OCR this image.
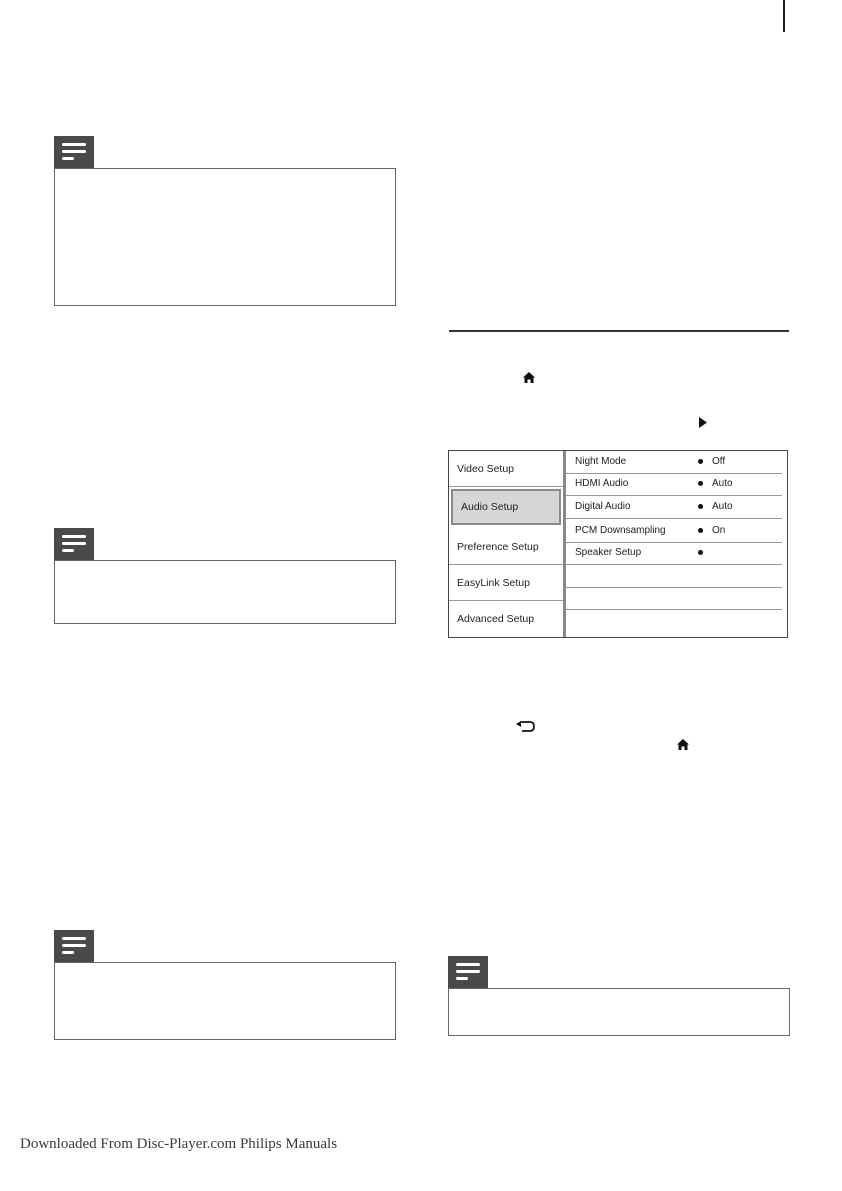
Video Setup
Audio Setup
Preference Setup
EasyLink Setup
Advanced Setup
Night Mode	Off
HDMI Audio	Auto
Digital Audio	Auto
PCM Downsampling	On
Speaker Setup
Downloaded From Disc-Player.com Philips Manuals
